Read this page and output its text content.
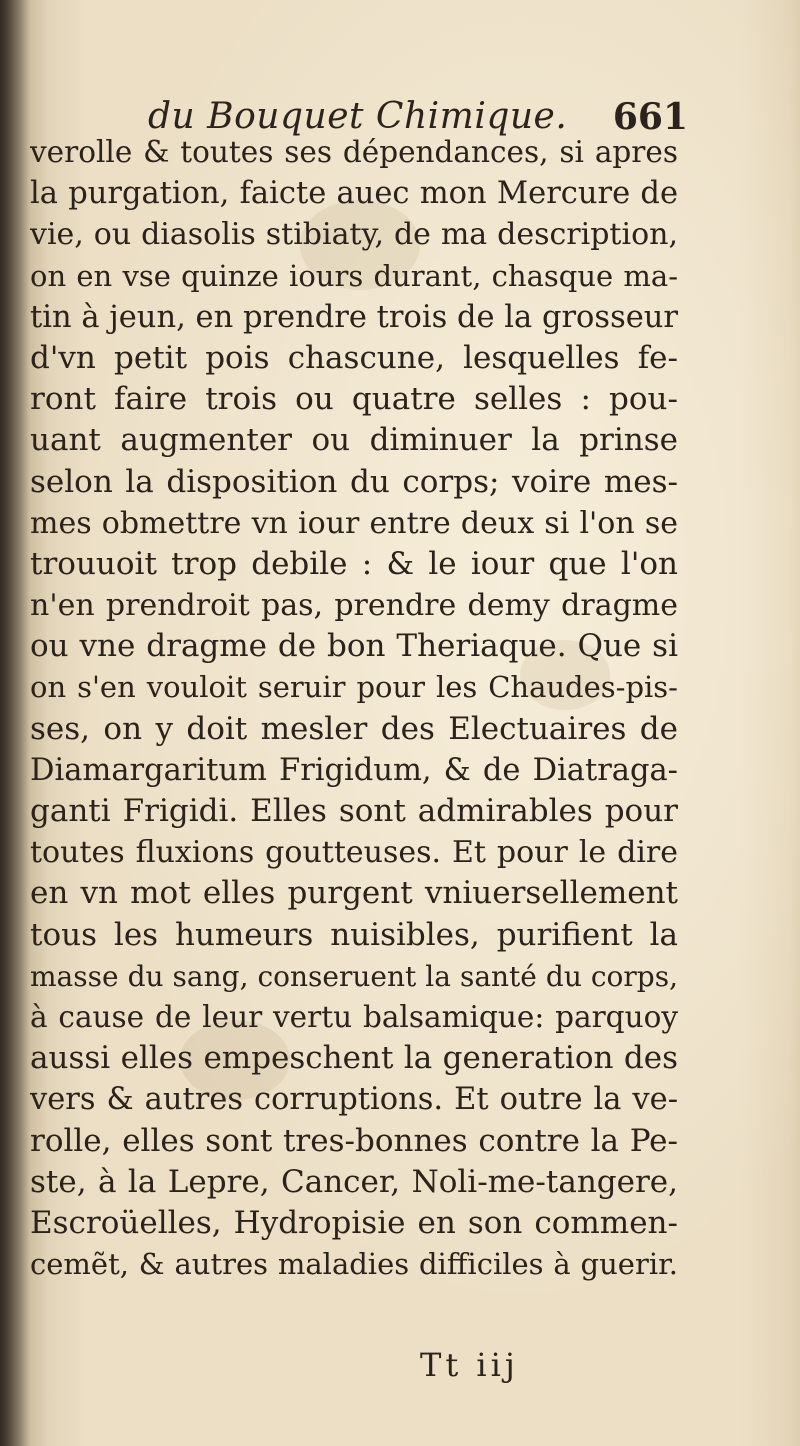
du Bouquet Chimique. 661
verolle & toutes ses dépendances, si apres
la purgation, faicte auec mon Mercure de
vie, ou diasolis stibiaty, de ma description,
on en vse quinze iours durant, chasque ma-
tin à jeun, en prendre trois de la grosseur
d'vn petit pois chascune, lesquelles fe-
ront faire trois ou quatre selles : pou-
uant augmenter ou diminuer la prinse
selon la disposition du corps; voire mes-
mes obmettre vn iour entre deux si l'on se
trouuoit trop debile : & le iour que l'on
n'en prendroit pas, prendre demy dragme
ou vne dragme de bon Theriaque. Que si
on s'en vouloit seruir pour les Chaudes-pis-
ses, on y doit mesler des Electuaires de
Diamargaritum Frigidum, & de Diatraga-
ganti Frigidi. Elles sont admirables pour
toutes fluxions goutteuses. Et pour le dire
en vn mot elles purgent vniuersellement
tous les humeurs nuisibles, purifient la
masse du sang, conseruent la santé du corps,
à cause de leur vertu balsamique: parquoy
aussi elles empeschent la generation des
vers & autres corruptions. Et outre la ve-
rolle, elles sont tres-bonnes contre la Pe-
ste, à la Lepre, Cancer, Noli-me-tangere,
Escroüelles, Hydropisie en son commen-
cemẽt, & autres maladies difficiles à guerir.
Tt iij
